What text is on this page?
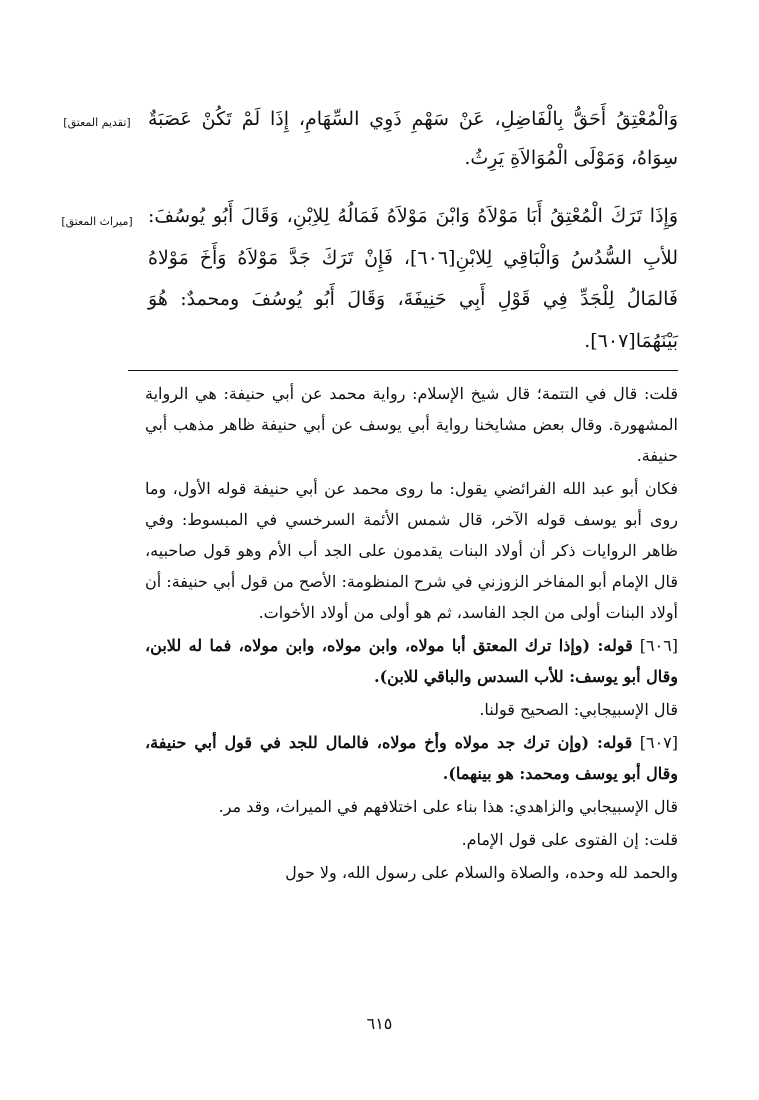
[تقديم المعتق]
[ميراث المعتق]

وَالْمُعْتِقُ أَحَقُّ بِالْفَاضِلِ، عَنْ سَهْمِ ذَوِي السِّهَامِ، إِذَا لَمْ تَكُنْ عَصَبَةٌ سِوَاهُ، وَمَوْلَى الْمُوَالاَةِ يَرِثُ.

وَإِذَا تَرَكَ الْمُعْتِقُ أَبَا مَوْلاَهُ وَابْنَ مَوْلاَهُ فَمَالُهُ لِلاِبْنِ، وَقَالَ أَبُو يُوسُفَ: للأبِ السُّدُسُ وَالْبَاقِي لِلابْنِ[٦٠٦]، فَإِنْ تَرَكَ جَدَّ مَوْلاَهُ وَأَخَ مَوْلاهُ فَالمَالُ لِلْجَدِّ فِي قَوْلِ أَبِي حَنِيفَةَ، وَقَالَ أَبُو يُوسُفَ ومحمدٌ: هُوَ بَيْنَهُمَا[٦٠٧].

قلت: قال في التتمة؛ قال شيخ الإسلام: رواية محمد عن أبي حنيفة: هي الرواية المشهورة. وقال بعض مشايخنا رواية أبي يوسف عن أبي حنيفة ظاهر مذهب أبي حنيفة.

فكان أبو عبد الله الفرائضي يقول: ما روى محمد عن أبي حنيفة قوله الأول، وما روى أبو يوسف قوله الآخر، قال شمس الأئمة السرخسي في المبسوط: وفي ظاهر الروايات ذكر أن أولاد البنات يقدمون على الجد أب الأم وهو قول صاحبيه، قال الإمام أبو المفاخر الزوزني في شرح المنظومة: الأصح من قول أبي حنيفة: أن أولاد البنات أولى من الجد الفاسد، ثم هو أولى من أولاد الأخوات.

[٦٠٦] قوله: (وإذا ترك المعتق أبا مولاه، وابن مولاه، وابن مولاه، فما له للابن، وقال أبو يوسف: للأب السدس والباقي للابن).

قال الإسبيجابي: الصحيح قولنا.

[٦٠٧] قوله: (وإن ترك جد مولاه وأخ مولاه، فالمال للجد في قول أبي حنيفة، وقال أبو يوسف ومحمد: هو بينهما).

قال الإسبيجابي والزاهدي: هذا بناء على اختلافهم في الميراث، وقد مر.

قلت: إن الفتوى على قول الإمام.

والحمد لله وحده، والصلاة والسلام على رسول الله، ولا حول

٦١٥
